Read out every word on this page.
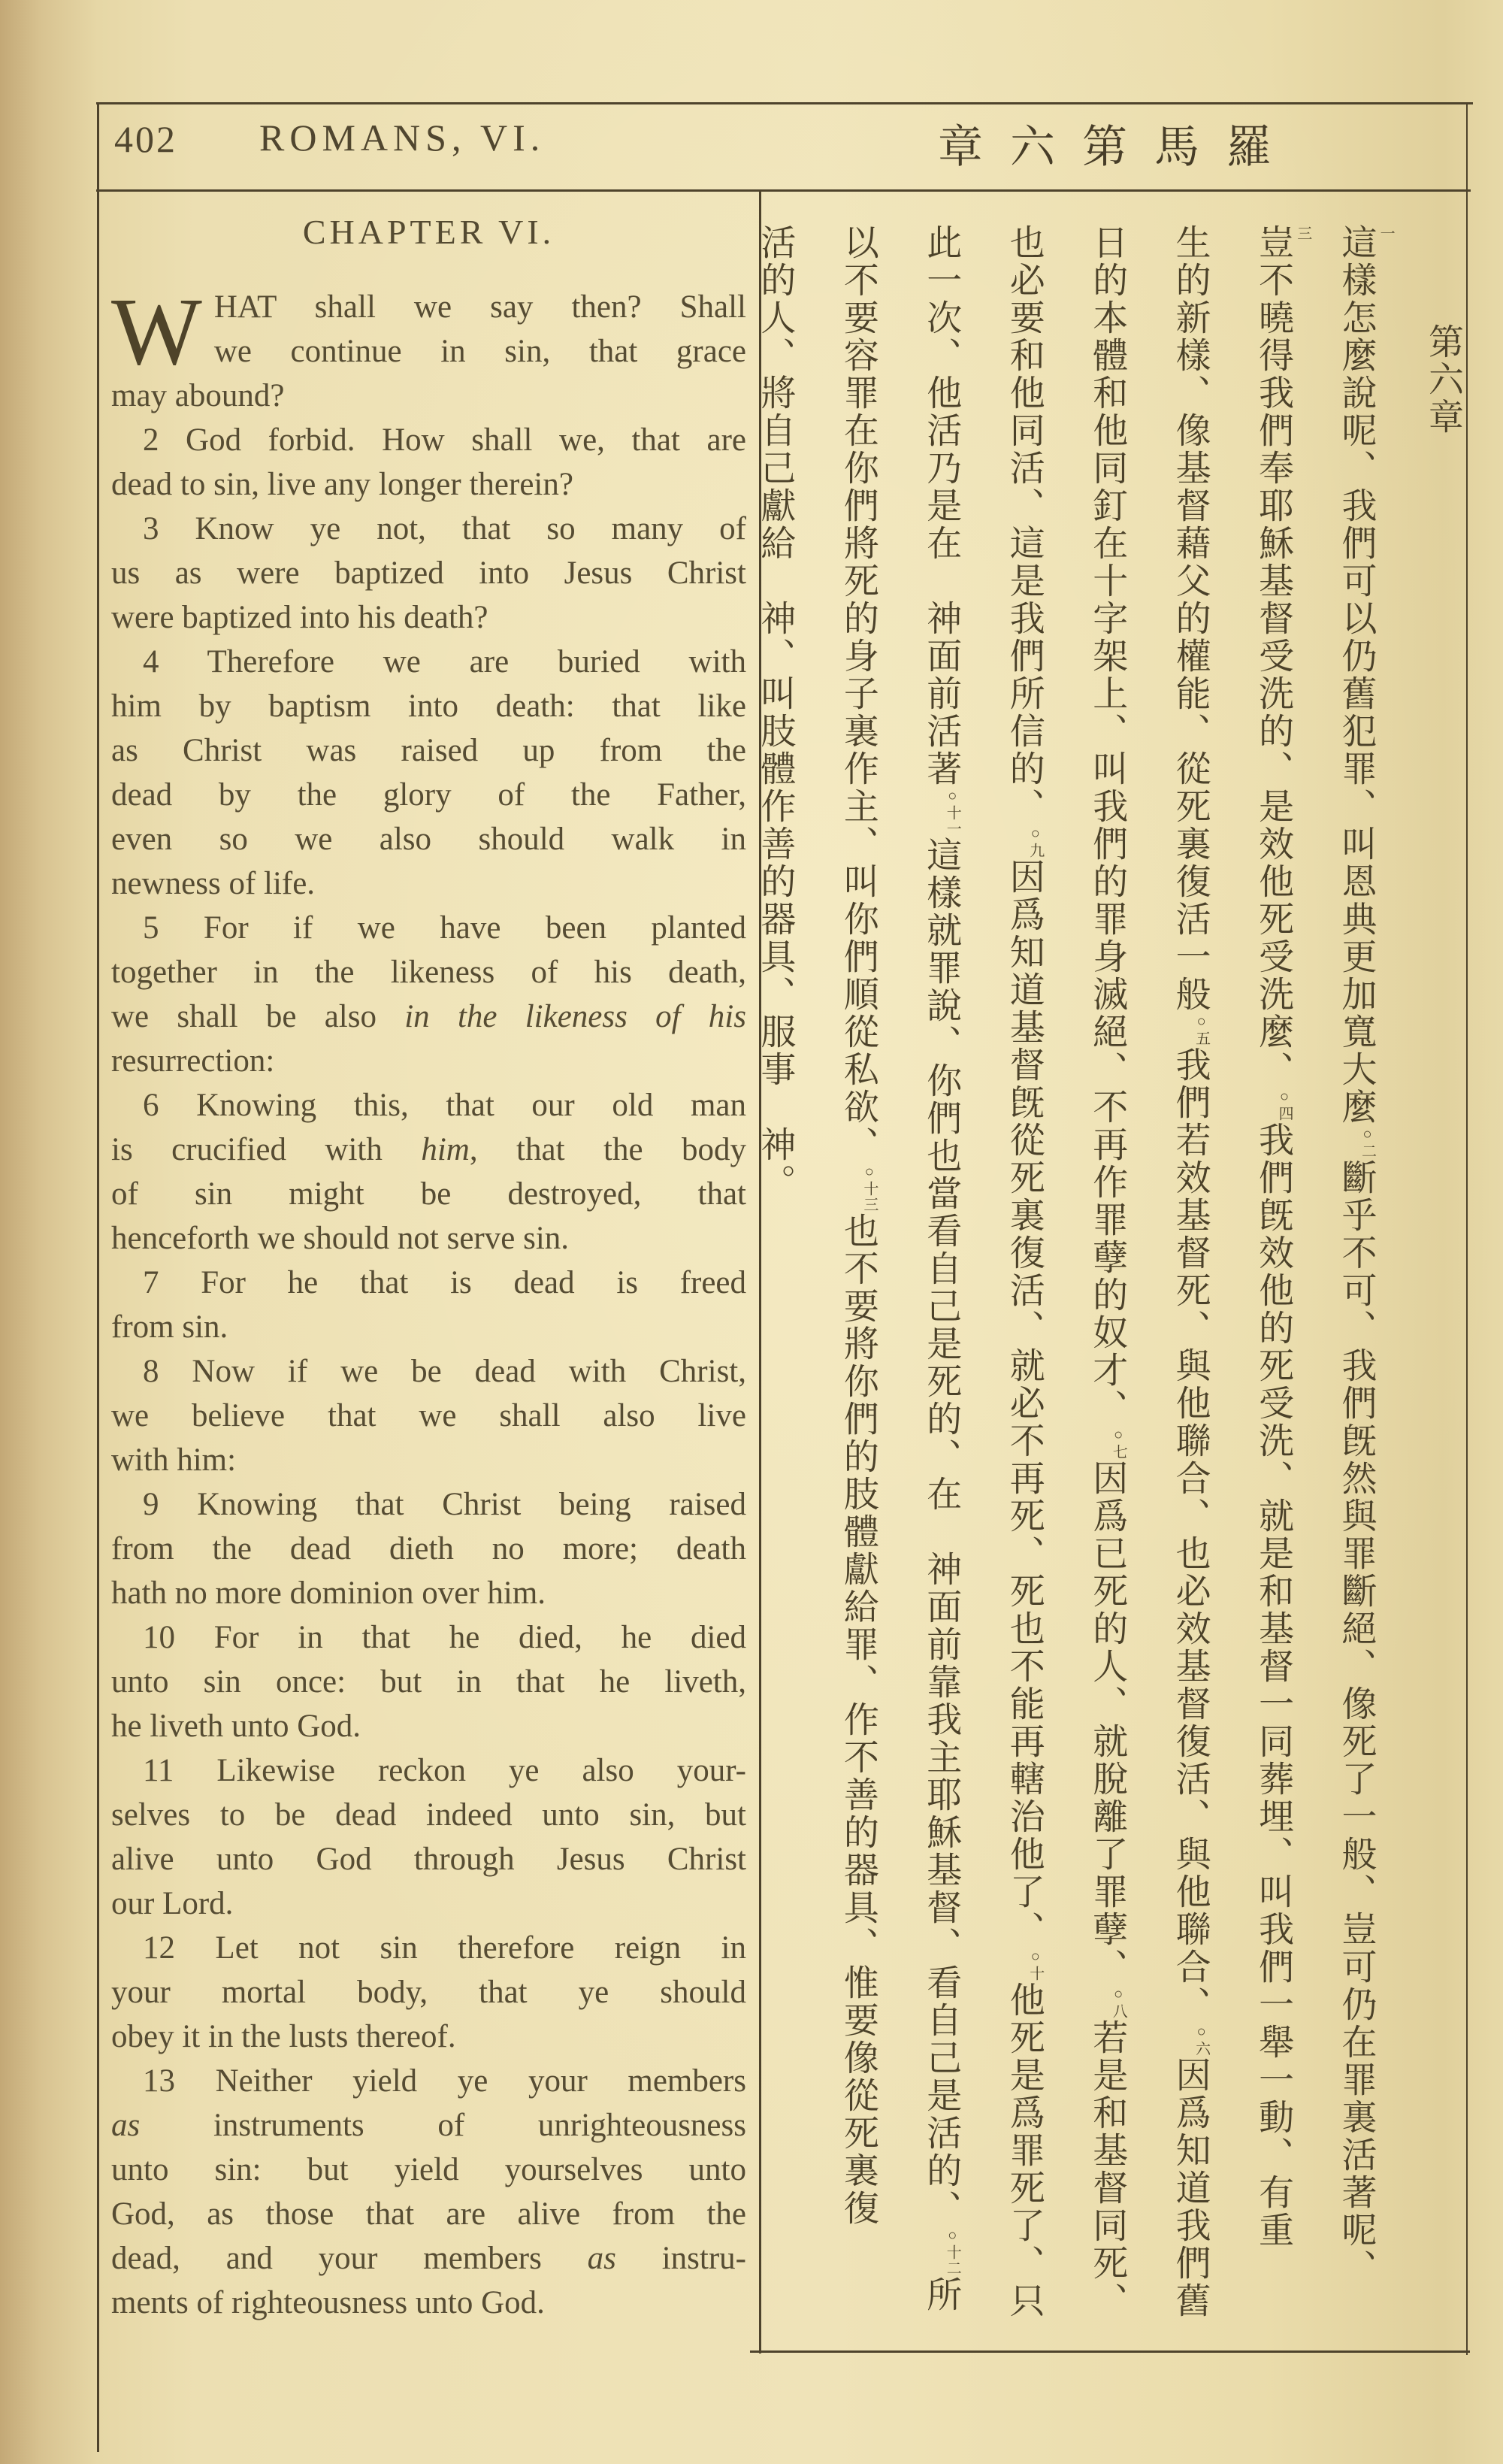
402 ROMANS, VI.	章六第馬羅
CHAPTER VI.
W HAT shall we say then? Shall
we continue in sin, that grace
may abound?
2 God forbid. How shall we, that are
dead to sin, live any longer therein?
3 Know ye not, that so many of
us as were baptized into Jesus Christ
were baptized into his death?
4 Therefore we are buried with
him by baptism into death: that like
as Christ was raised up from the
dead by the glory of the Father,
even so we also should walk in
newness of life.
5 For if we have been planted
together in the likeness of his death,
we shall be also in the likeness of his
resurrection:
6 Knowing this, that our old man
is crucified with him, that the body
of sin might be destroyed, that
henceforth we should not serve sin.
7 For he that is dead is freed
from sin.
8 Now if we be dead with Christ,
we believe that we shall also live
with him:
9 Knowing that Christ being raised
from the dead dieth no more; death
hath no more dominion over him.
10 For in that he died, he died
unto sin once: but in that he liveth,
he liveth unto God.
11 Likewise reckon ye also your-
selves to be dead indeed unto sin, but
alive unto God through Jesus Christ
our Lord.
12 Let not sin therefore reign in
your mortal body, that ye should
obey it in the lusts thereof.
13 Neither yield ye your members
as instruments of unrighteousness
unto sin: but yield yourselves unto
God, as those that are alive from the
dead, and your members as instru-
ments of righteousness unto God.
第六章
一
這樣怎麼說呢、我們可以仍舊犯罪、叫恩典更加寬大麼○二斷乎不可、我們旣然與罪斷絕、像死了一般、豈可仍在罪裏活著呢、
三
豈不曉得我們奉耶穌基督受洗的、是效他死受洗麼、○四我們旣效他的死受洗、就是和基督一同葬埋、叫我們一舉一動、有重
生的新樣、像基督藉父的權能、從死裏復活一般○五我們若效基督死、與他聯合、也必效基督復活、與他聯合、○六因爲知道我們舊
日的本體和他同釘在十字架上、叫我們的罪身滅絕、不再作罪孽的奴才、○七因爲已死的人、就脫離了罪孽、○八若是和基督同死、
也必要和他同活、這是我們所信的、○九因爲知道基督旣從死裏復活、就必不再死、死也不能再轄治他了、○十他死是爲罪死了、只
此一次、他活乃是在　神面前活著○十一這樣就罪說、你們也當看自己是死的、在　神面前靠我主耶穌基督、看自己是活的、○十二所
以不要容罪在你們將死的身子裏作主、叫你們順從私欲、○十三也不要將你們的肢體獻給罪、作不善的器具、惟要像從死裏復
活的人、將自己獻給　神、叫肢體作善的器具、服事　神。
